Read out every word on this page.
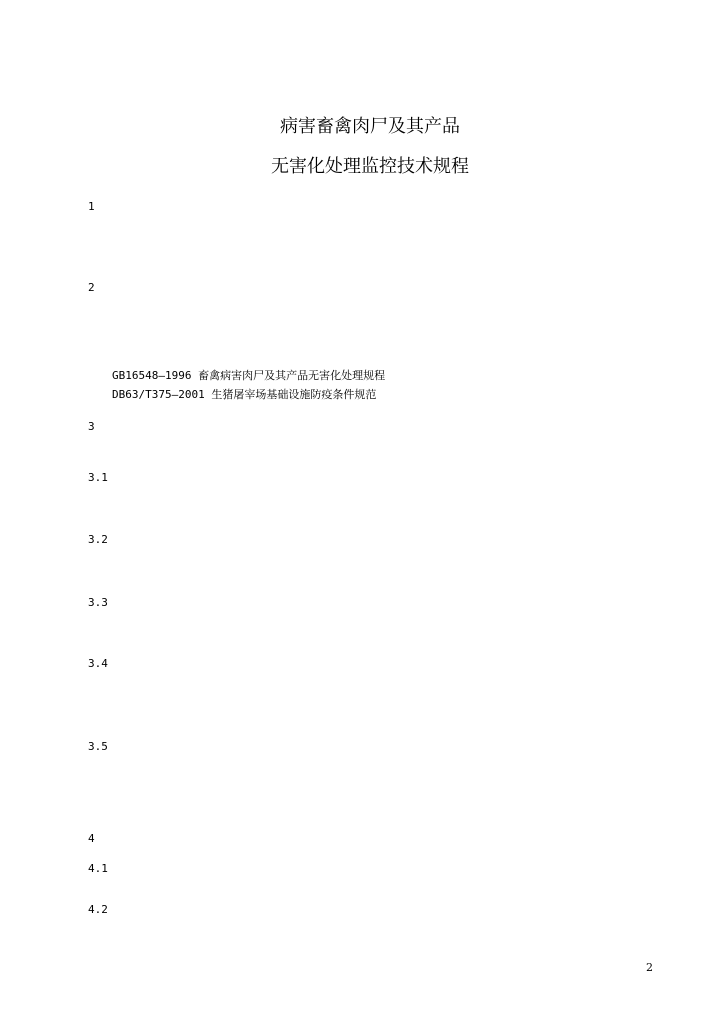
病害畜禽肉尸及其产品
无害化处理监控技术规程
1
2
GB16548—1996 畜禽病害肉尸及其产品无害化处理规程
DB63/T375—2001 生猪屠宰场基础设施防疫条件规范
3
3.1
3.2
3.3
3.4
3.5
4
4.1
4.2
2
